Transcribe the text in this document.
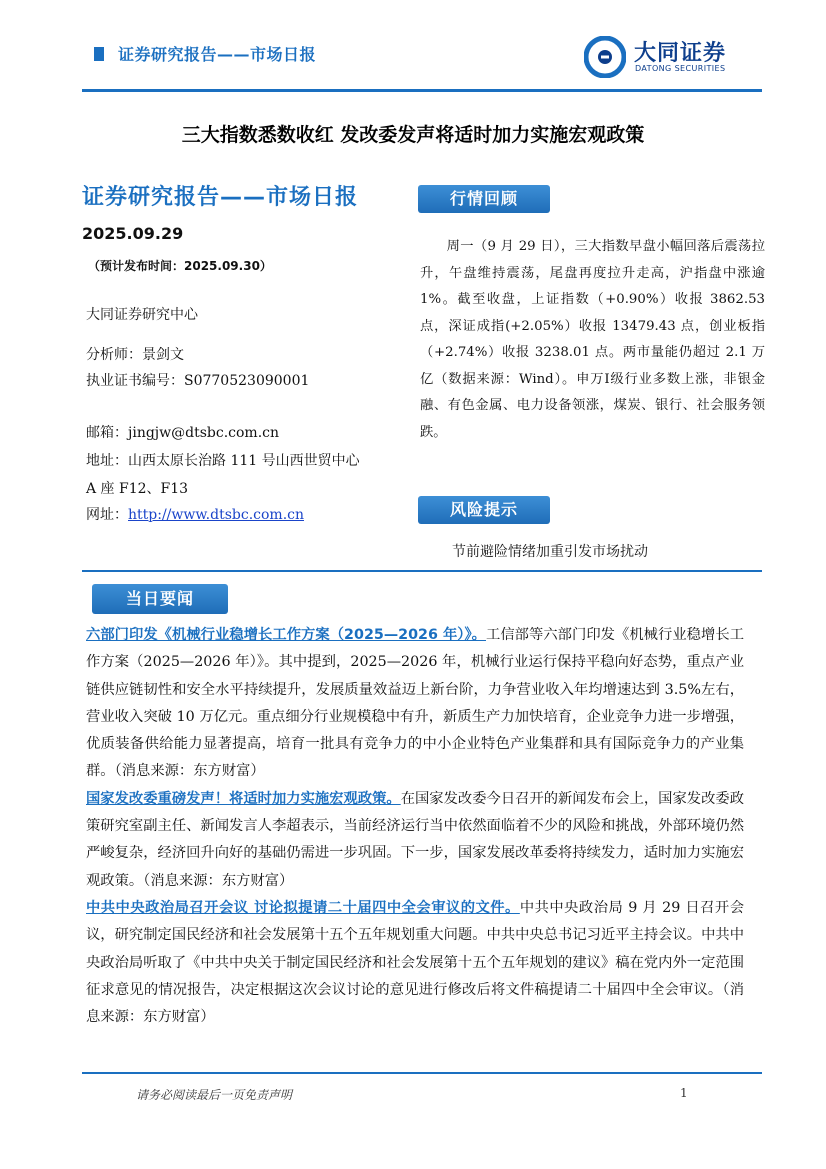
证券研究报告——市场日报	大同证券
DATONG SECURITIES
三大指数悉数收红 发改委发声将适时加力实施宏观政策
证券研究报告——市场日报
2025.09.29
（预计发布时间：2025.09.30）
大同证券研究中心
分析师：景剑文
执业证书编号：S0770523090001
邮箱：jingjw@dtsbc.com.cn
地址：山西太原长治路 111 号山西世贸中心
A 座 F12、F13
网址：http://www.dtsbc.com.cn
行情回顾
周一（9 月 29 日），三大指数早盘小幅回落后震荡拉升，午盘维持震荡，尾盘再度拉升走高，沪指盘中涨逾 1%。截至收盘，上证指数（+0.90%）收报 3862.53 点，深证成指(+2.05%）收报 13479.43 点，创业板指（+2.74%）收报 3238.01 点。两市量能仍超过 2.1 万亿（数据来源：Wind）。申万Ⅰ级行业多数上涨，非银金融、有色金属、电力设备领涨，煤炭、银行、社会服务领跌。
风险提示
节前避险情绪加重引发市场扰动
当日要闻

六部门印发《机械行业稳增长工作方案（2025—2026 年）》。工信部等六部门印发《机械行业稳增长工作方案（2025—2026 年）》。其中提到，2025—2026 年，机械行业运行保持平稳向好态势，重点产业链供应链韧性和安全水平持续提升，发展质量效益迈上新台阶，力争营业收入年均增速达到 3.5%左右，营业收入突破 10 万亿元。重点细分行业规模稳中有升，新质生产力加快培育，企业竞争力进一步增强，优质装备供给能力显著提高，培育一批具有竞争力的中小企业特色产业集群和具有国际竞争力的产业集群。（消息来源：东方财富）

国家发改委重磅发声！将适时加力实施宏观政策。在国家发改委今日召开的新闻发布会上，国家发改委政策研究室副主任、新闻发言人李超表示，当前经济运行当中依然面临着不少的风险和挑战，外部环境仍然严峻复杂，经济回升向好的基础仍需进一步巩固。下一步，国家发展改革委将持续发力，适时加力实施宏观政策。（消息来源：东方财富）

中共中央政治局召开会议 讨论拟提请二十届四中全会审议的文件。中共中央政治局 9 月 29 日召开会议，研究制定国民经济和社会发展第十五个五年规划重大问题。中共中央总书记习近平主持会议。中共中央政治局听取了《中共中央关于制定国民经济和社会发展第十五个五年规划的建议》稿在党内外一定范围征求意见的情况报告，决定根据这次会议讨论的意见进行修改后将文件稿提请二十届四中全会审议。（消息来源：东方财富）

请务必阅读最后一页免责声明	1
